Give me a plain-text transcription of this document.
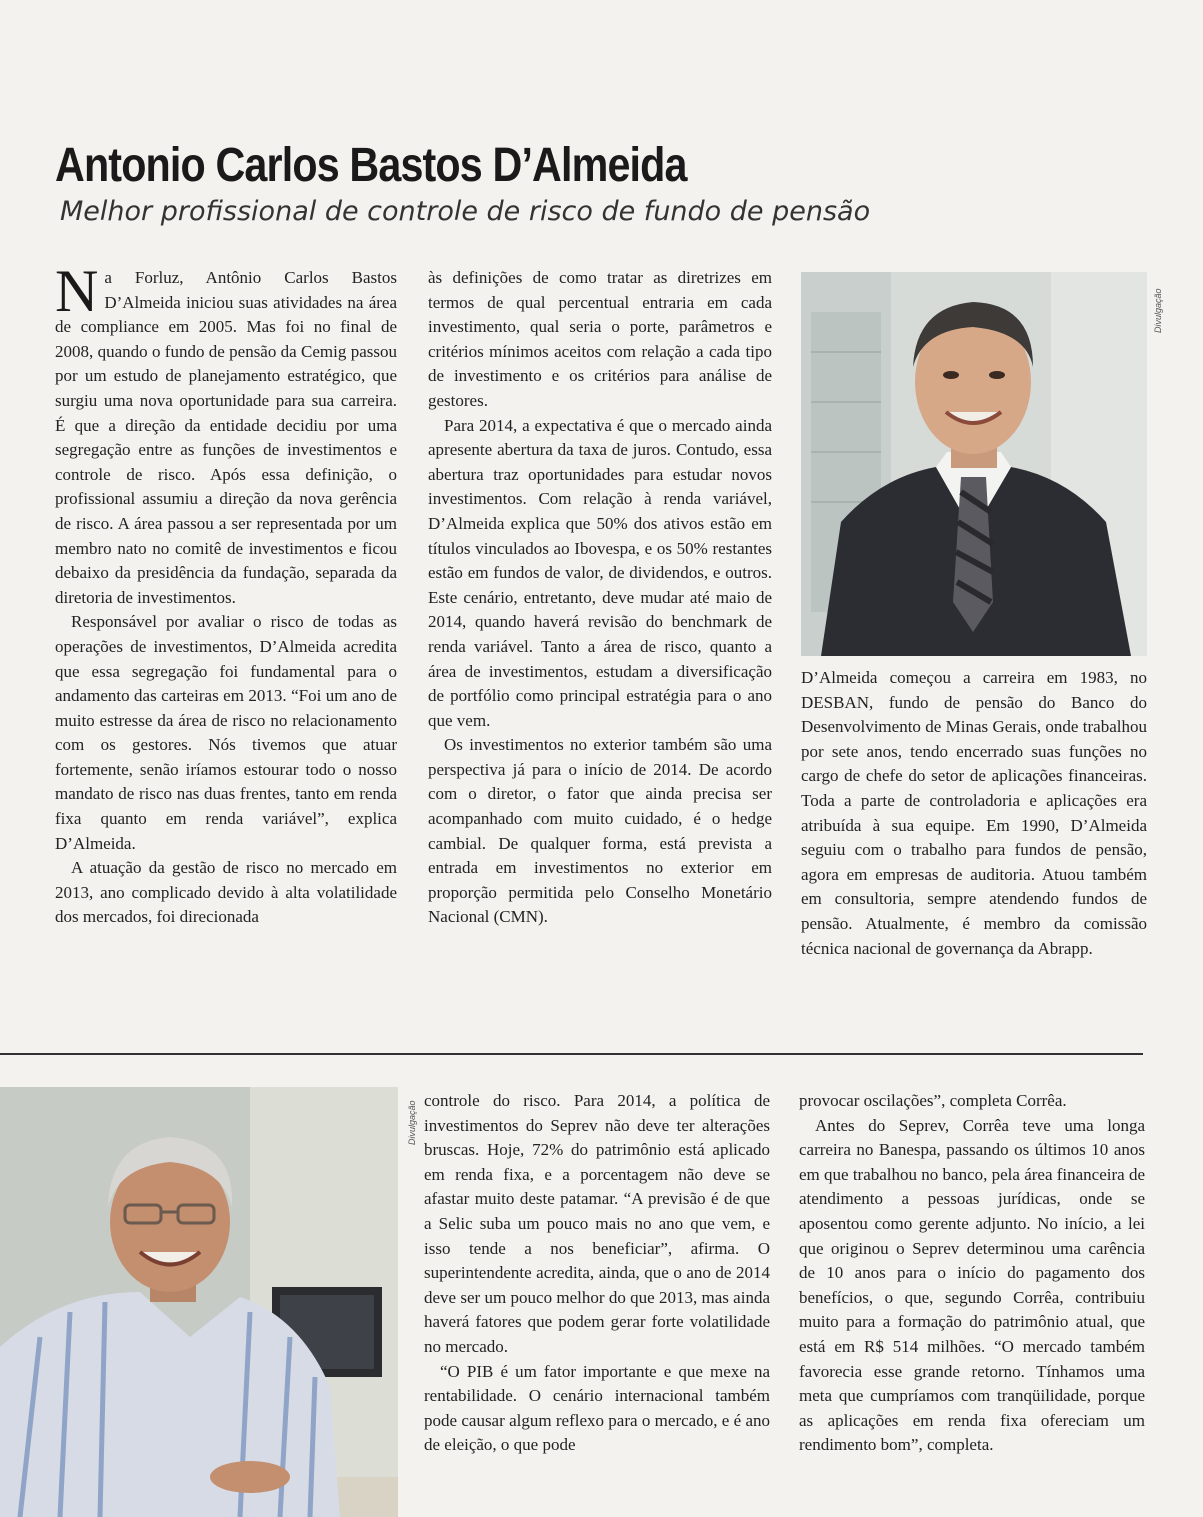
Antonio Carlos Bastos D’Almeida
Melhor profissional de controle de risco de fundo de pensão

Na Forluz, Antônio Carlos Bastos D’Almeida iniciou suas atividades na área de compliance em 2005. Mas foi no final de 2008, quando o fundo de pensão da Cemig passou por um estudo de planejamento estratégico, que surgiu uma nova oportunidade para sua carreira. É que a direção da entidade decidiu por uma segregação entre as funções de investimentos e controle de risco. Após essa definição, o profissional assumiu a direção da nova gerência de risco. A área passou a ser representada por um membro nato no comitê de investimentos e ficou debaixo da presidência da fundação, separada da diretoria de investimentos.

Responsável por avaliar o risco de todas as operações de investimentos, D’Almeida acredita que essa segregação foi fundamental para o andamento das carteiras em 2013. “Foi um ano de muito estresse da área de risco no relacionamento com os gestores. Nós tivemos que atuar fortemente, senão iríamos estourar todo o nosso mandato de risco nas duas frentes, tanto em renda fixa quanto em renda variável”, explica D’Almeida.

A atuação da gestão de risco no mercado em 2013, ano complicado devido à alta volatilidade dos mercados, foi direcionada

às definições de como tratar as diretrizes em termos de qual percentual entraria em cada investimento, qual seria o porte, parâmetros e critérios mínimos aceitos com relação a cada tipo de investimento e os critérios para análise de gestores.

Para 2014, a expectativa é que o mercado ainda apresente abertura da taxa de juros. Contudo, essa abertura traz oportunidades para estudar novos investimentos. Com relação à renda variável, D’Almeida explica que 50% dos ativos estão em títulos vinculados ao Ibovespa, e os 50% restantes estão em fundos de valor, de dividendos, e outros. Este cenário, entretanto, deve mudar até maio de 2014, quando haverá revisão do benchmark de renda variável. Tanto a área de risco, quanto a área de investimentos, estudam a diversificação de portfólio como principal estratégia para o ano que vem.

Os investimentos no exterior também são uma perspectiva já para o início de 2014. De acordo com o diretor, o fator que ainda precisa ser acompanhado com muito cuidado, é o hedge cambial. De qualquer forma, está prevista a entrada em investimentos no exterior em proporção permitida pelo Conselho Monetário Nacional (CMN).

Divulgação

D’Almeida começou a carreira em 1983, no DESBAN, fundo de pensão do Banco do Desenvolvimento de Minas Gerais, onde trabalhou por sete anos, tendo encerrado suas funções no cargo de chefe do setor de aplicações financeiras. Toda a parte de controladoria e aplicações era atribuída à sua equipe. Em 1990, D’Almeida seguiu com o trabalho para fundos de pensão, agora em empresas de auditoria. Atuou também em consultoria, sempre atendendo fundos de pensão. Atualmente, é membro da comissão técnica nacional de governança da Abrapp.

Divulgação controle do risco. Para 2014, a política de investimentos do Seprev não deve ter alterações bruscas. Hoje, 72% do patrimônio está aplicado em renda fixa, e a porcentagem não deve se afastar muito deste patamar. “A previsão é de que a Selic suba um pouco mais no ano que vem, e isso tende a nos beneficiar”, afirma. O superintendente acredita, ainda, que o ano de 2014 deve ser um pouco melhor do que 2013, mas ainda haverá fatores que podem gerar forte volatilidade no mercado.

“O PIB é um fator importante e que mexe na rentabilidade. O cenário internacional também pode causar algum reflexo para o mercado, e é ano de eleição, o que pode

provocar oscilações”, completa Corrêa.

Antes do Seprev, Corrêa teve uma longa carreira no Banespa, passando os últimos 10 anos em que trabalhou no banco, pela área financeira de atendimento a pessoas jurídicas, onde se aposentou como gerente adjunto. No início, a lei que originou o Seprev determinou uma carência de 10 anos para o início do pagamento dos benefícios, o que, segundo Corrêa, contribuiu muito para a formação do patrimônio atual, que está em R$ 514 milhões. “O mercado também favorecia esse grande retorno. Tínhamos uma meta que cumpríamos com tranqüilidade, porque as aplicações em renda fixa ofereciam um rendimento bom”, completa.
